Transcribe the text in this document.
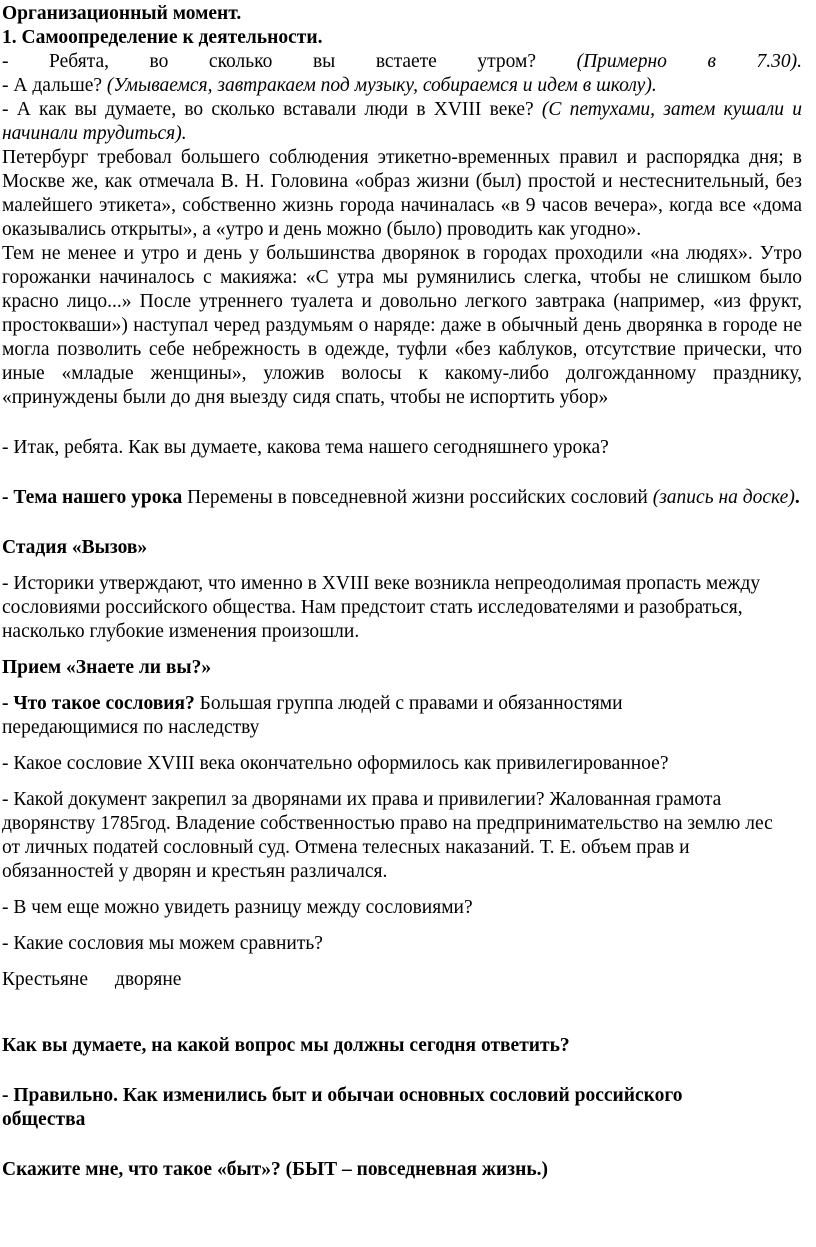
Организационный момент.

1. Самоопределение к деятельности.

- Ребята, во сколько вы встаете утром? (Примерно в 7.30).

- А дальше? (Умываемся, завтракаем под музыку, собираемся и идем в школу).

- А как вы думаете, во сколько вставали люди в XVIII веке? (С петухами, затем кушали и начинали трудиться).

Петербург требовал большего соблюдения этикетно-временных правил и распорядка дня; в Москве же, как отмечала В. Н. Головина «образ жизни (был) простой и нестеснительный, без малейшего этикета», собственно жизнь города начиналась «в 9 часов вечера», когда все «дома оказывались открыты», а «утро и день можно (было) проводить как угодно».

Тем не менее и утро и день у большинства дворянок в городах проходили «на людях». Утро горожанки начиналось с макияжа: «С утра мы румянились слегка, чтобы не слишком было красно лицо...» После утреннего туалета и довольно легкого завтрака (например, «из фрукт, простокваши») наступал черед раздумьям о наряде: даже в обычный день дворянка в городе не могла позволить себе небрежность в одежде, туфли «без каблуков, отсутствие прически, что иные «младые женщины», уложив волосы к какому-либо долгожданному празднику, «принуждены были до дня выезду сидя спать, чтобы не испортить убор»

- Итак, ребята. Как вы думаете, какова тема нашего сегодняшнего урока?

- Тема нашего урока Перемены в повседневной жизни российских сословий (запись на доске).

Стадия «Вызов»

- Историки утверждают, что именно в XVIII веке возникла непреодолимая пропасть между сословиями российского общества. Нам предстоит стать исследователями и разобраться, насколько глубокие изменения произошли.

Прием «Знаете ли вы?»

- Что такое сословия? Большая группа людей с правами и обязанностями передающимися по наследству

- Какое сословие XVIII века окончательно оформилось как привилегированное?

- Какой документ закрепил за дворянами их права и привилегии? Жалованная грамота дворянству 1785год. Владение собственностью право на предпринимательство на землю лес от личных податей сословный суд. Отмена телесных наказаний. Т. Е. объем прав и обязанностей у дворян и крестьян различался.

- В чем еще можно увидеть разницу между сословиями?

- Какие сословия мы можем сравнить?

Крестьяне дворяне

Как вы думаете, на какой вопрос мы должны сегодня ответить?

- Правильно. Как изменились быт и обычаи основных сословий российского общества

Скажите мне, что такое «быт»? (БЫТ – повседневная жизнь.)
